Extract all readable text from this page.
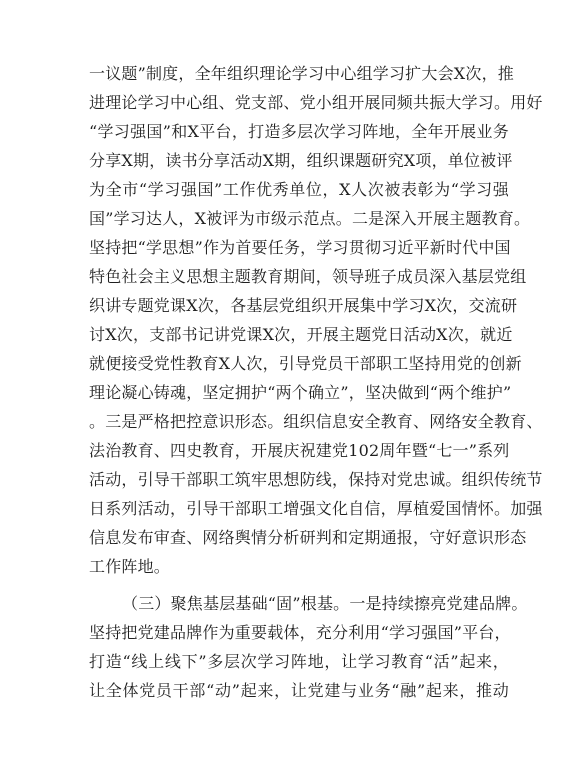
一议题”制度，全年组织理论学习中心组学习扩大会X次，推
进理论学习中心组、党支部、党小组开展同频共振大学习。用好
“学习强国”和X平台，打造多层次学习阵地，全年开展业务
分享X期，读书分享活动X期，组织课题研究X项，单位被评
为全市“学习强国”工作优秀单位，X人次被表彰为“学习强
国”学习达人，X被评为市级示范点。二是深入开展主题教育。
坚持把“学思想”作为首要任务，学习贯彻习近平新时代中国
特色社会主义思想主题教育期间，领导班子成员深入基层党组
织讲专题党课X次，各基层党组织开展集中学习X次，交流研
讨X次，支部书记讲党课X次，开展主题党日活动X次，就近
就便接受党性教育X人次，引导党员干部职工坚持用党的创新
理论凝心铸魂，坚定拥护“两个确立”，坚决做到“两个维护”
。三是严格把控意识形态。组织信息安全教育、网络安全教育、
法治教育、四史教育，开展庆祝建党102周年暨“七一”系列
活动，引导干部职工筑牢思想防线，保持对党忠诚。组织传统节
日系列活动，引导干部职工增强文化自信，厚植爱国情怀。加强
信息发布审查、网络舆情分析研判和定期通报，守好意识形态
工作阵地。
（三）聚焦基层基础“固”根基。一是持续擦亮党建品牌。
坚持把党建品牌作为重要载体，充分利用“学习强国”平台，
打造“线上线下”多层次学习阵地，让学习教育“活”起来，
让全体党员干部“动”起来，让党建与业务“融”起来，推动
